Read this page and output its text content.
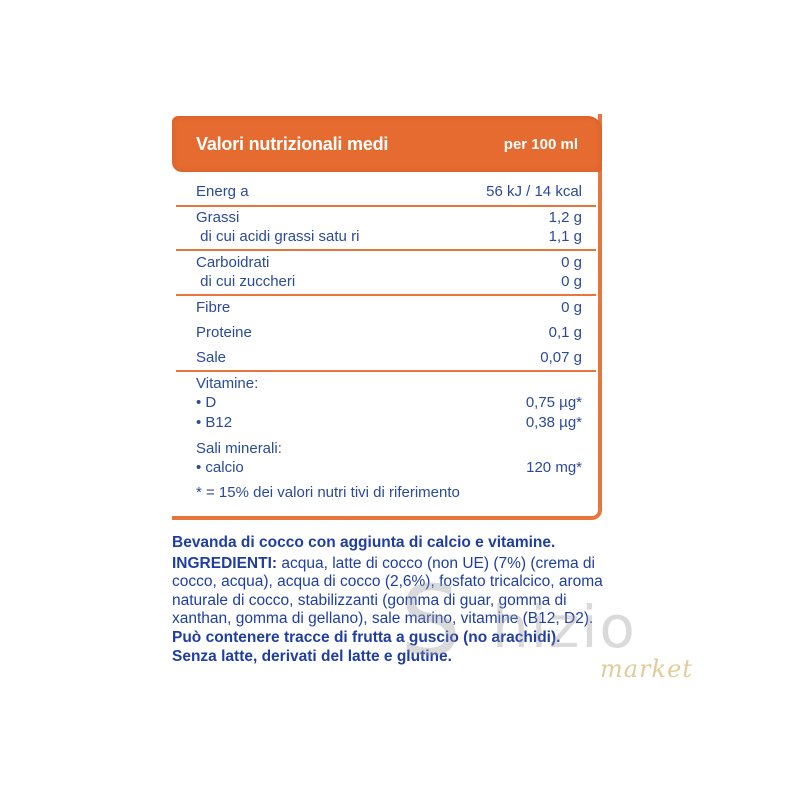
Valori nutrizionali medi	per 100 ml
Energ a	56 kJ / 14 kcal
Grassi	1,2 g
di cui acidi grassi satu ri	1,1 g
Carboidrati	0 g
di cui zuccheri	0 g
Fibre	0 g
Proteine	0,1 g
Sale	0,07 g
Vitamine:
• D	0,75 µg*
• B12	0,38 µg*
Sali minerali:
• calcio	120 mg*
* = 15% dei valori nutri tivi di riferimento
Bevanda di cocco con aggiunta di calcio e vitamine.
INGREDIENTI: acqua, latte di cocco (non UE) (7%) (crema di cocco, acqua), acqua di cocco (2,6%), fosfato tricalcico, aroma naturale di cocco, stabilizzanti (gomma di guar, gomma di xanthan, gomma di gellano), sale marino, vitamine (B12, D2).
Può contenere tracce di frutta a guscio (no arachidi).
Senza latte, derivati del latte e glutine.
S hizio
market
